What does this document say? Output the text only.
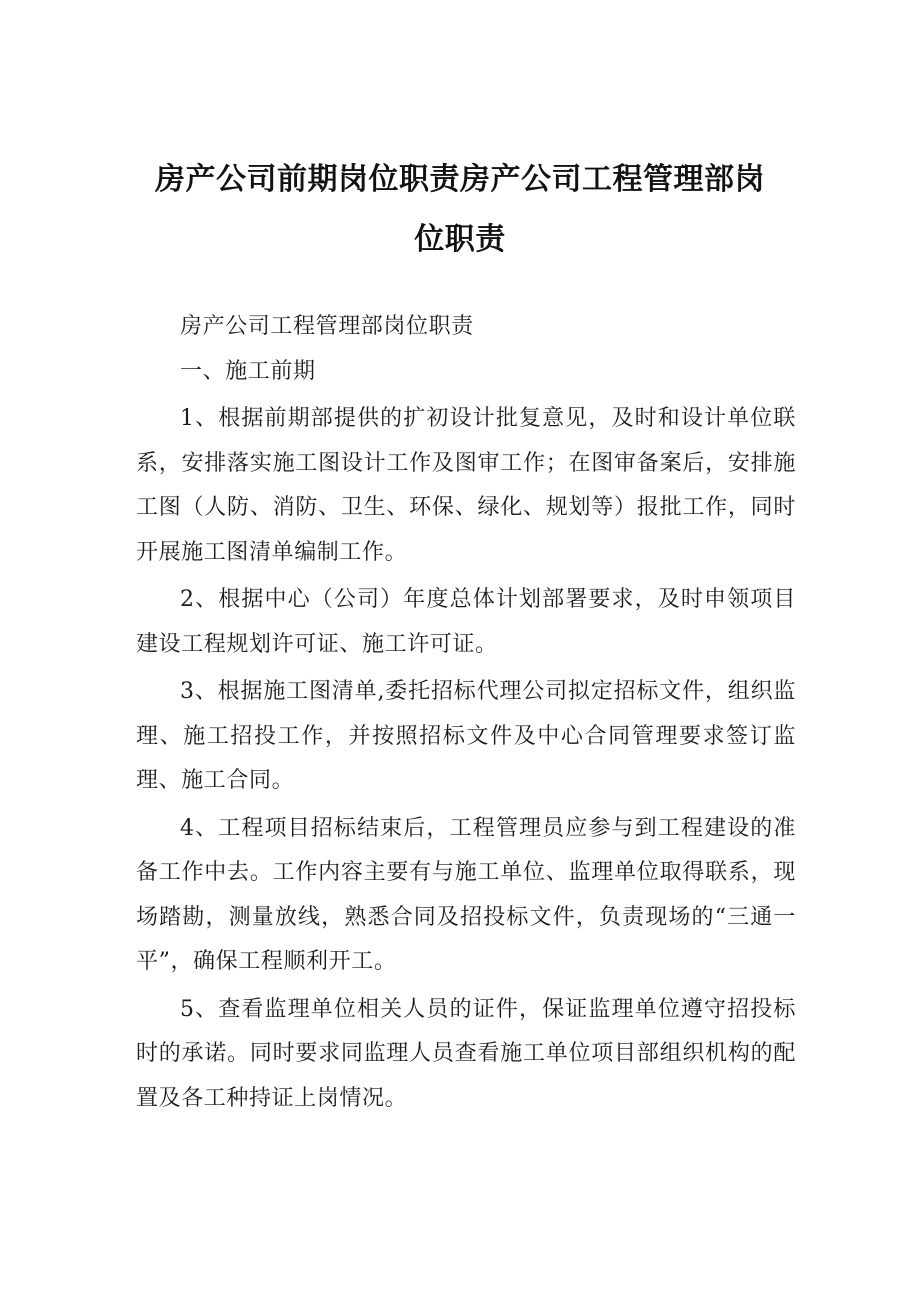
房产公司前期岗位职责房产公司工程管理部岗
位职责

房产公司工程管理部岗位职责

一、施工前期

1、根据前期部提供的扩初设计批复意见，及时和设计单位联系，安排落实施工图设计工作及图审工作；在图审备案后，安排施工图（人防、消防、卫生、环保、绿化、规划等）报批工作，同时开展施工图清单编制工作。

2、根据中心（公司）年度总体计划部署要求，及时申领项目建设工程规划许可证、施工许可证。

3、根据施工图清单,委托招标代理公司拟定招标文件，组织监理、施工招投工作，并按照招标文件及中心合同管理要求签订监理、施工合同。

4、工程项目招标结束后，工程管理员应参与到工程建设的准备工作中去。工作内容主要有与施工单位、监理单位取得联系，现场踏勘，测量放线，熟悉合同及招投标文件，负责现场的“三通一平”，确保工程顺利开工。

5、查看监理单位相关人员的证件，保证监理单位遵守招投标时的承诺。同时要求同监理人员查看施工单位项目部组织机构的配置及各工种持证上岗情况。
